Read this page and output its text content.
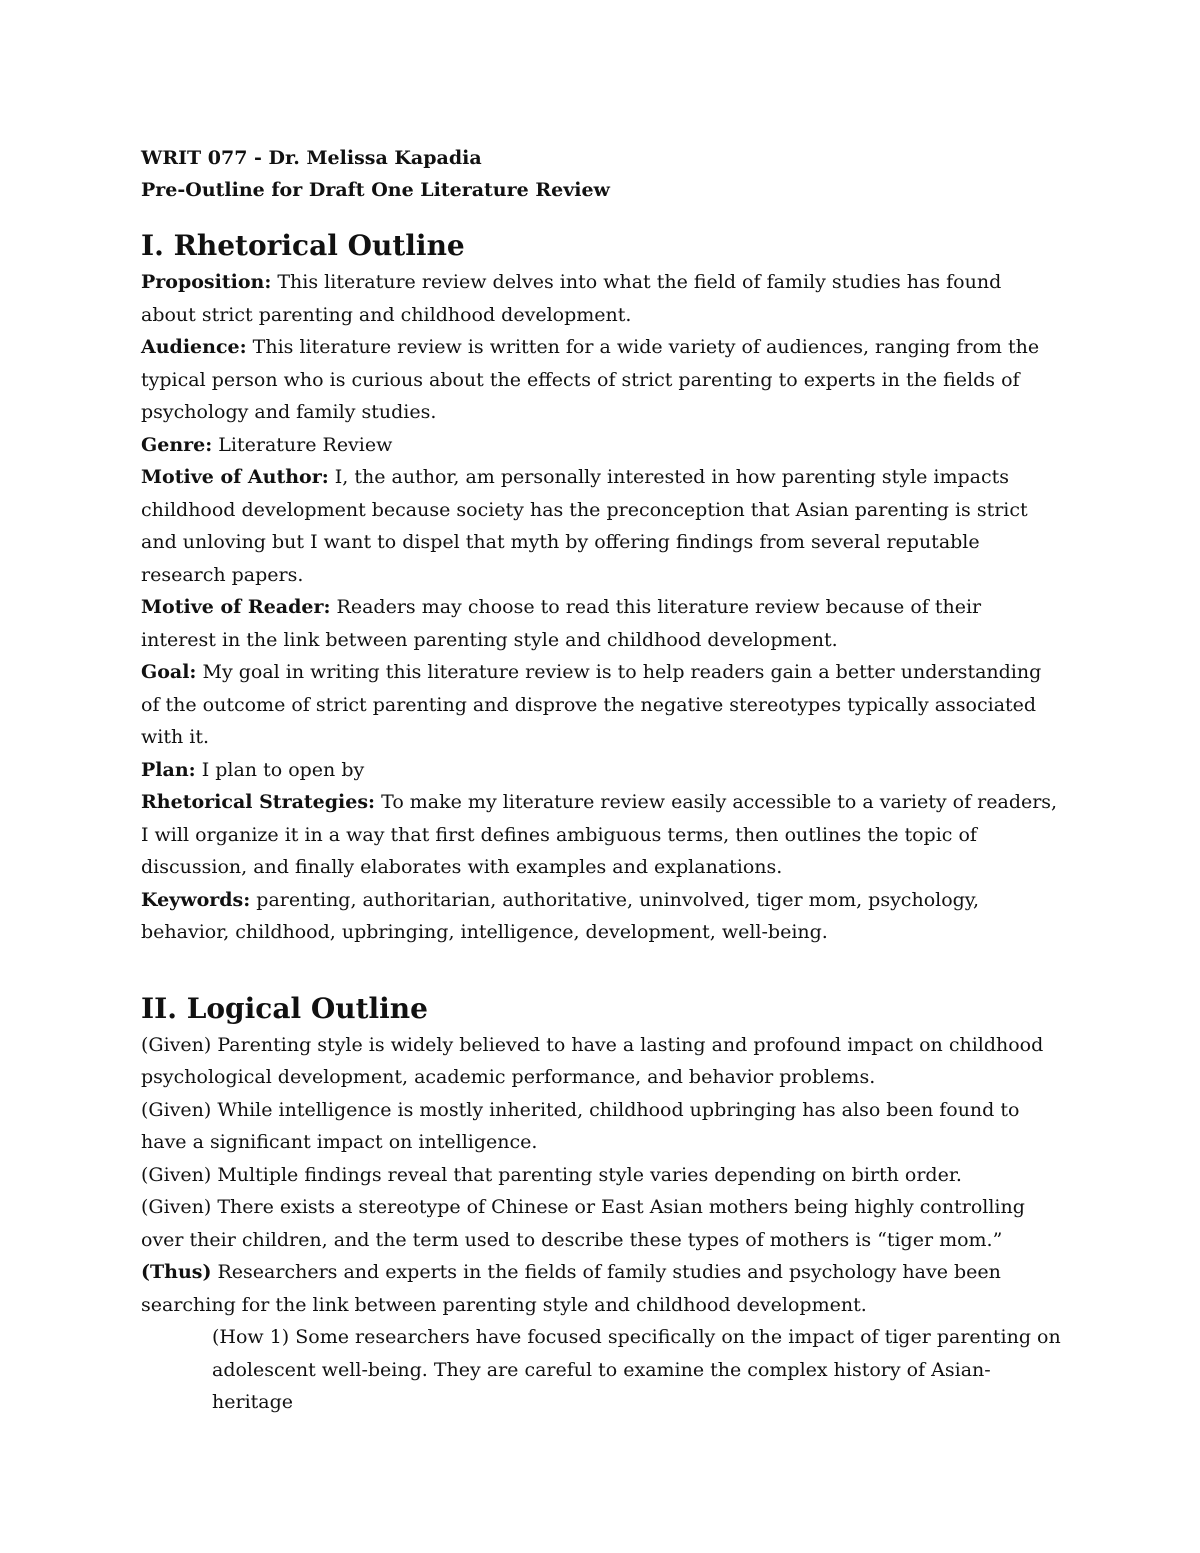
WRIT 077 - Dr. Melissa Kapadia

Pre-Outline for Draft One Literature Review

I. Rhetorical Outline

Proposition: This literature review delves into what the field of family studies has found about strict parenting and childhood development.

Audience: This literature review is written for a wide variety of audiences, ranging from the typical person who is curious about the effects of strict parenting to experts in the fields of psychology and family studies.

Genre: Literature Review

Motive of Author: I, the author, am personally interested in how parenting style impacts childhood development because society has the preconception that Asian parenting is strict and unloving but I want to dispel that myth by offering findings from several reputable research papers.

Motive of Reader: Readers may choose to read this literature review because of their interest in the link between parenting style and childhood development.

Goal: My goal in writing this literature review is to help readers gain a better understanding of the outcome of strict parenting and disprove the negative stereotypes typically associated with it.

Plan: I plan to open by

Rhetorical Strategies: To make my literature review easily accessible to a variety of readers, I will organize it in a way that first defines ambiguous terms, then outlines the topic of discussion, and finally elaborates with examples and explanations.

Keywords: parenting, authoritarian, authoritative, uninvolved, tiger mom, psychology, behavior, childhood, upbringing, intelligence, development, well-being.

II. Logical Outline

(Given) Parenting style is widely believed to have a lasting and profound impact on childhood psychological development, academic performance, and behavior problems.

(Given) While intelligence is mostly inherited, childhood upbringing has also been found to have a significant impact on intelligence.

(Given) Multiple findings reveal that parenting style varies depending on birth order.

(Given) There exists a stereotype of Chinese or East Asian mothers being highly controlling over their children, and the term used to describe these types of mothers is “tiger mom.”

(Thus) Researchers and experts in the fields of family studies and psychology have been searching for the link between parenting style and childhood development.

(How 1) Some researchers have focused specifically on the impact of tiger parenting on adolescent well-being. They are careful to examine the complex history of Asian-heritage
